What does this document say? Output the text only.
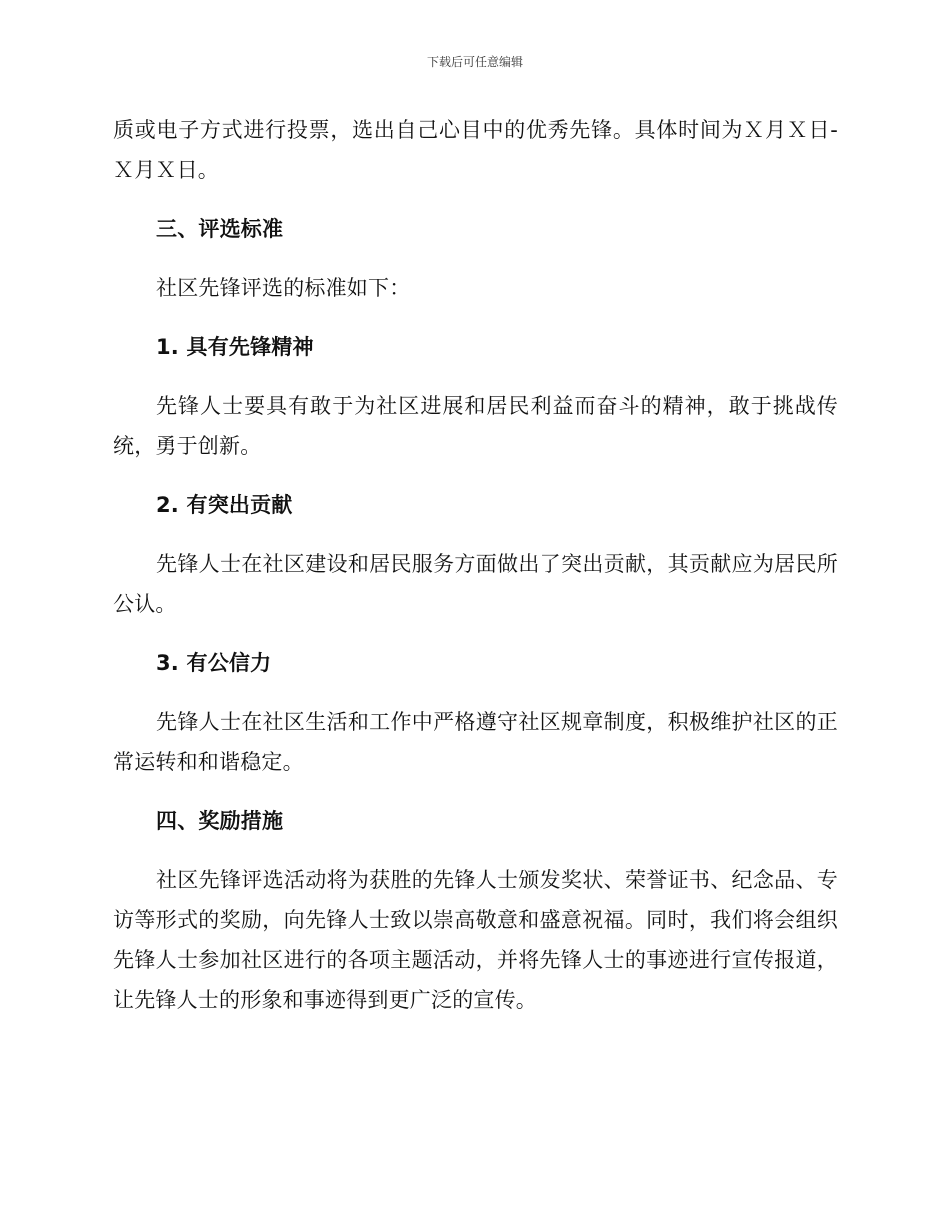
下载后可任意编辑

质或电子方式进行投票，选出自己心目中的优秀先锋。具体时间为Ｘ月Ｘ日-Ｘ月Ｘ日。

三、评选标准

社区先锋评选的标准如下：

1. 具有先锋精神

先锋人士要具有敢于为社区进展和居民利益而奋斗的精神，敢于挑战传统，勇于创新。

2. 有突出贡献

先锋人士在社区建设和居民服务方面做出了突出贡献，其贡献应为居民所公认。

3. 有公信力

先锋人士在社区生活和工作中严格遵守社区规章制度，积极维护社区的正常运转和和谐稳定。

四、奖励措施

社区先锋评选活动将为获胜的先锋人士颁发奖状、荣誉证书、纪念品、专访等形式的奖励，向先锋人士致以崇高敬意和盛意祝福。同时，我们将会组织先锋人士参加社区进行的各项主题活动，并将先锋人士的事迹进行宣传报道，让先锋人士的形象和事迹得到更广泛的宣传。
